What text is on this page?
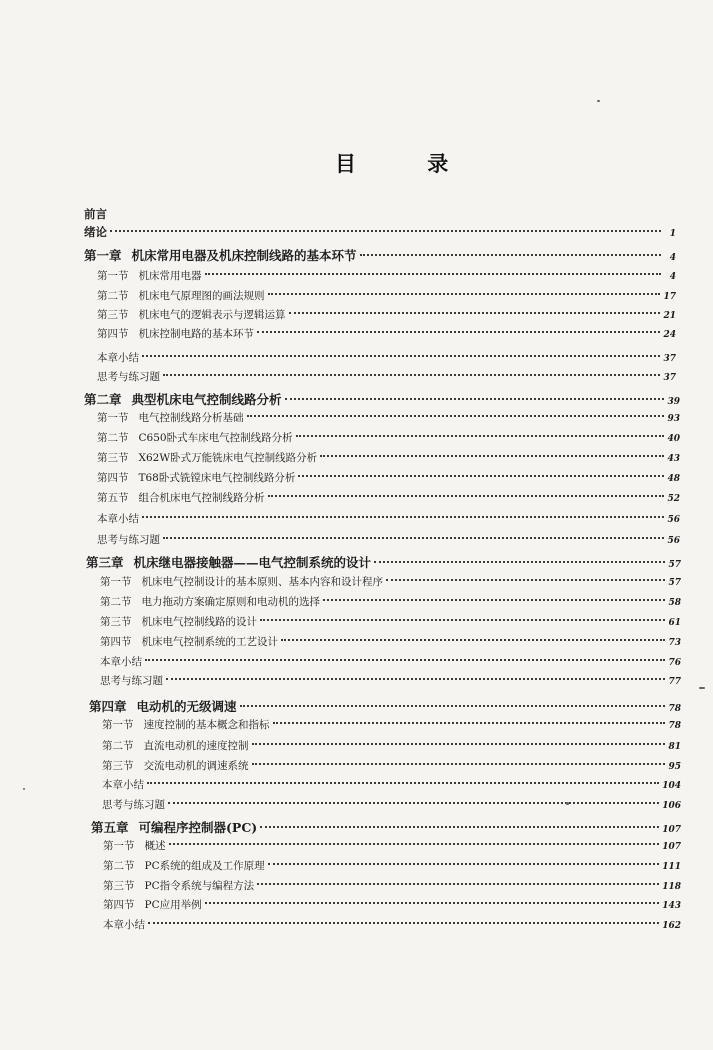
目 录
前言
绪论	1
第一章 机床常用电器及机床控制线路的基本环节	4
第一节 机床常用电器	4
第二节 机床电气原理图的画法规则	17
第三节 机床电气的逻辑表示与逻辑运算	21
第四节 机床控制电路的基本环节	24
本章小结	37
思考与练习题	37
第二章 典型机床电气控制线路分析	39
第一节 电气控制线路分析基础	93
第二节 C650卧式车床电气控制线路分析	40
第三节 X62W卧式万能铣床电气控制线路分析	43
第四节 T68卧式铣镗床电气控制线路分析	48
第五节 组合机床电气控制线路分析	52
本章小结	56
思考与练习题	56
第三章 机床继电器接触器——电气控制系统的设计	57
第一节 机床电气控制设计的基本原则、基本内容和设计程序	57
第二节 电力拖动方案确定原则和电动机的选择	58
第三节 机床电气控制线路的设计	61
第四节 机床电气控制系统的工艺设计	73
本章小结	76
思考与练习题	77
第四章 电动机的无级调速	78
第一节 速度控制的基本概念和指标	78
第二节 直流电动机的速度控制	81
第三节 交流电动机的调速系统	95
本章小结	104
思考与练习题	106
第五章 可编程序控制器(PC)	107
第一节 概述	107
第二节 PC系统的组成及工作原理	111
第三节 PC指令系统与编程方法	118
第四节 PC应用举例	143
本章小结	162
